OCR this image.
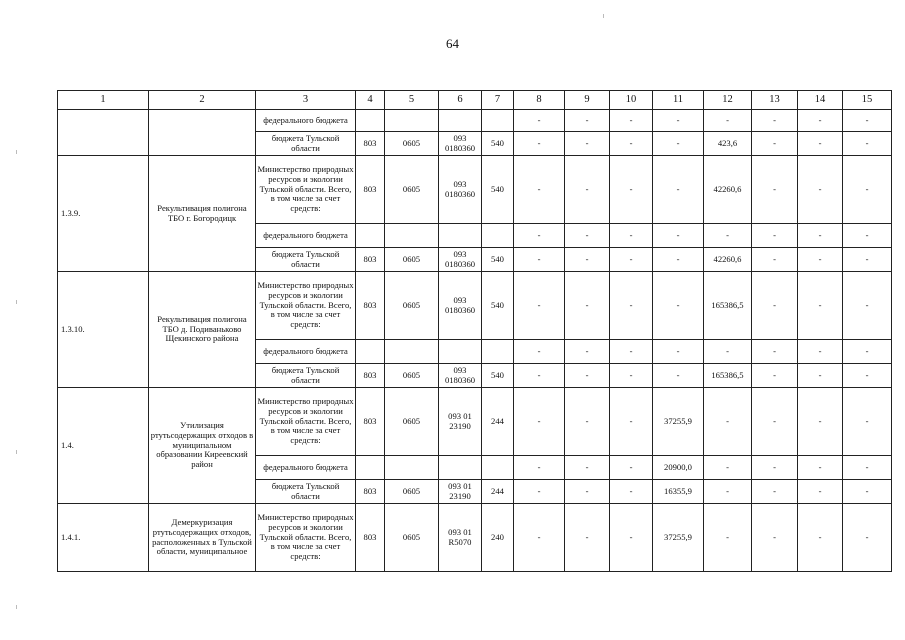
64
1	2	3	4	5	6	7	8	9	10	11	12	13	14	15
		федерального бюджета					-	-	-	-	-	-	-	-
		бюджета Тульской области	803	0605	093 0180360	540	-	-	-	-	423,6	-	-	-
1.3.9.	Рекультивация полигона ТБО г. Богородицк	Министерство природных ресурсов и экологии Тульской области. Всего, в том числе за счет средств:	803	0605	093 0180360	540	-	-	-	-	42260,6	-	-	-
		федерального бюджета					-	-	-	-	-	-	-	-
		бюджета Тульской области	803	0605	093 0180360	540	-	-	-	-	42260,6	-	-	-
1.3.10.	Рекультивация полигона ТБО д. Подиваньково Щекинского района	Министерство природных ресурсов и экологии Тульской области. Всего, в том числе за счет средств:	803	0605	093 0180360	540	-	-	-	-	165386,5	-	-	-
		федерального бюджета					-	-	-	-	-	-	-	-
		бюджета Тульской области	803	0605	093 0180360	540	-	-	-	-	165386,5	-	-	-
1.4.	Утилизация ртутьсодержащих отходов в муниципальном образовании Киреевский район	Министерство природных ресурсов и экологии Тульской области. Всего, в том числе за счет средств:	803	0605	093 01 23190	244	-	-	-	37255,9	-	-	-	-
		федерального бюджета					-	-	-	20900,0	-	-	-	-
		бюджета Тульской области	803	0605	093 01 23190	244	-	-	-	16355,9	-	-	-	-
1.4.1.	Демеркуризация ртутьсодержащих отходов, расположенных в Тульской области, муниципальное	Министерство природных ресурсов и экологии Тульской области. Всего, в том числе за счет средств:	803	0605	093 01 R5070	240	-	-	-	37255,9	-	-	-	-
